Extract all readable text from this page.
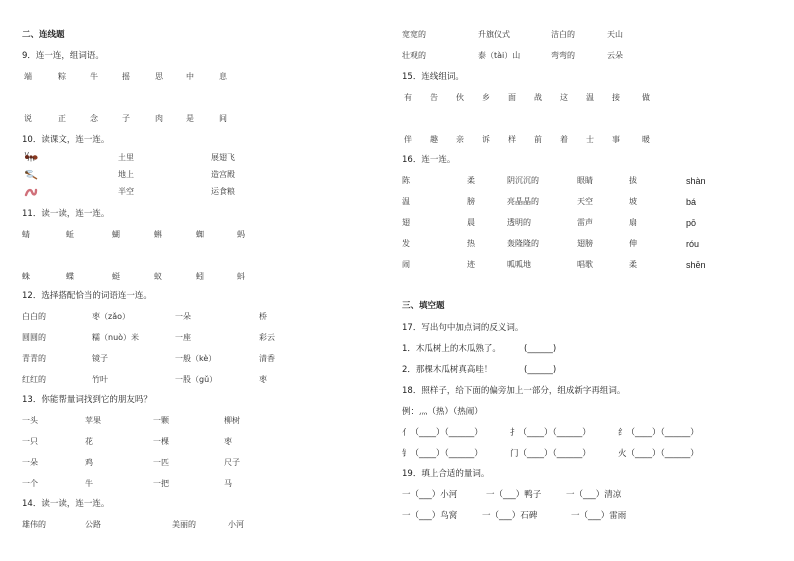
二、连线题
9．连一连，组词语。
端	粽	牛	摇	思	中	息
说	正	念	子	肉	是	间
10．读课文，连一连。
土里
地上
半空
展翅飞
造宫殿
运食粮
11．读一读，连一连。
蜻	蚯	蝴	蝌	蜘	蚂
蛛	蝶	蜓	蚁	蚓	蚪
12．选择搭配恰当的词语连一连。
白白的	枣（zǎo）	一朵	桥
圆圆的	糯（nuò）米	一座	彩云
青青的	镜子	一般（kè）	清香
红红的	竹叶	一股（gǔ）	枣
13．你能帮量词找到它的朋友吗？
一头	苹果	一颗	柳树
一只	花	一棵	枣
一朵	鸡	一匹	尺子
一个	牛	一把	马
14．读一读，连一连。
雄伟的	公路	美丽的	小河
宽宽的	升旗仪式	洁白的	天山
壮观的	泰（tài）山	弯弯的	云朵
15．连线组词。
有 告 伙 乡 面 战 这 温 接	做
伴 趣 亲 诉 样 前 着 士 事	暖
16．连一连。
陈	柔	阴沉沉的	眼睛	拔	shàn
温	膀	亮晶晶的	天空	坡	bá
翅	晨	透明的	雷声	扇	pō
发	热	轰隆隆的	翅膀	伸	róu
闹	迹	呱呱地	唱歌	柔	shēn
三、填空题
17．写出句中加点词的反义词。
1．木瓜树上的木瓜熟了。	(______)
2．那棵木瓜树真高哇！	(______)
18．照样子，给下面的偏旁加上一部分，组成新字再组词。
例：灬（热）（热闹）
亻（____）（______）	扌（____）（______）	纟（____）（______）
钅（____）（______）	门（____）（______）	火（____）（______）
19．填上合适的量词。
一（___）小河	一（___）鸭子	一（___）清凉
一（___）鸟窝	一（___）石碑	一（___）雷雨
